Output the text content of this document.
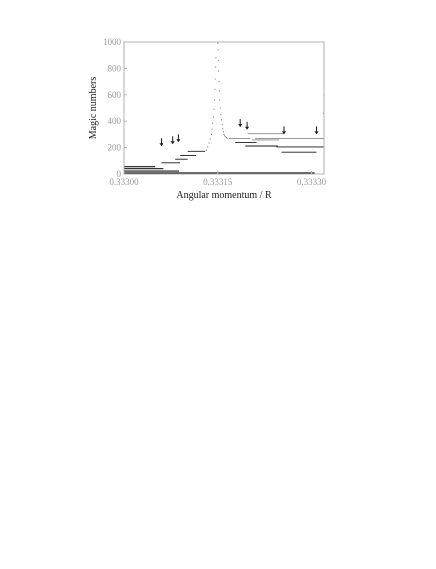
0
200
400
600
800
1000
0.33300	0.33315	0.33330
Angular momentum / R
Magic numbers
